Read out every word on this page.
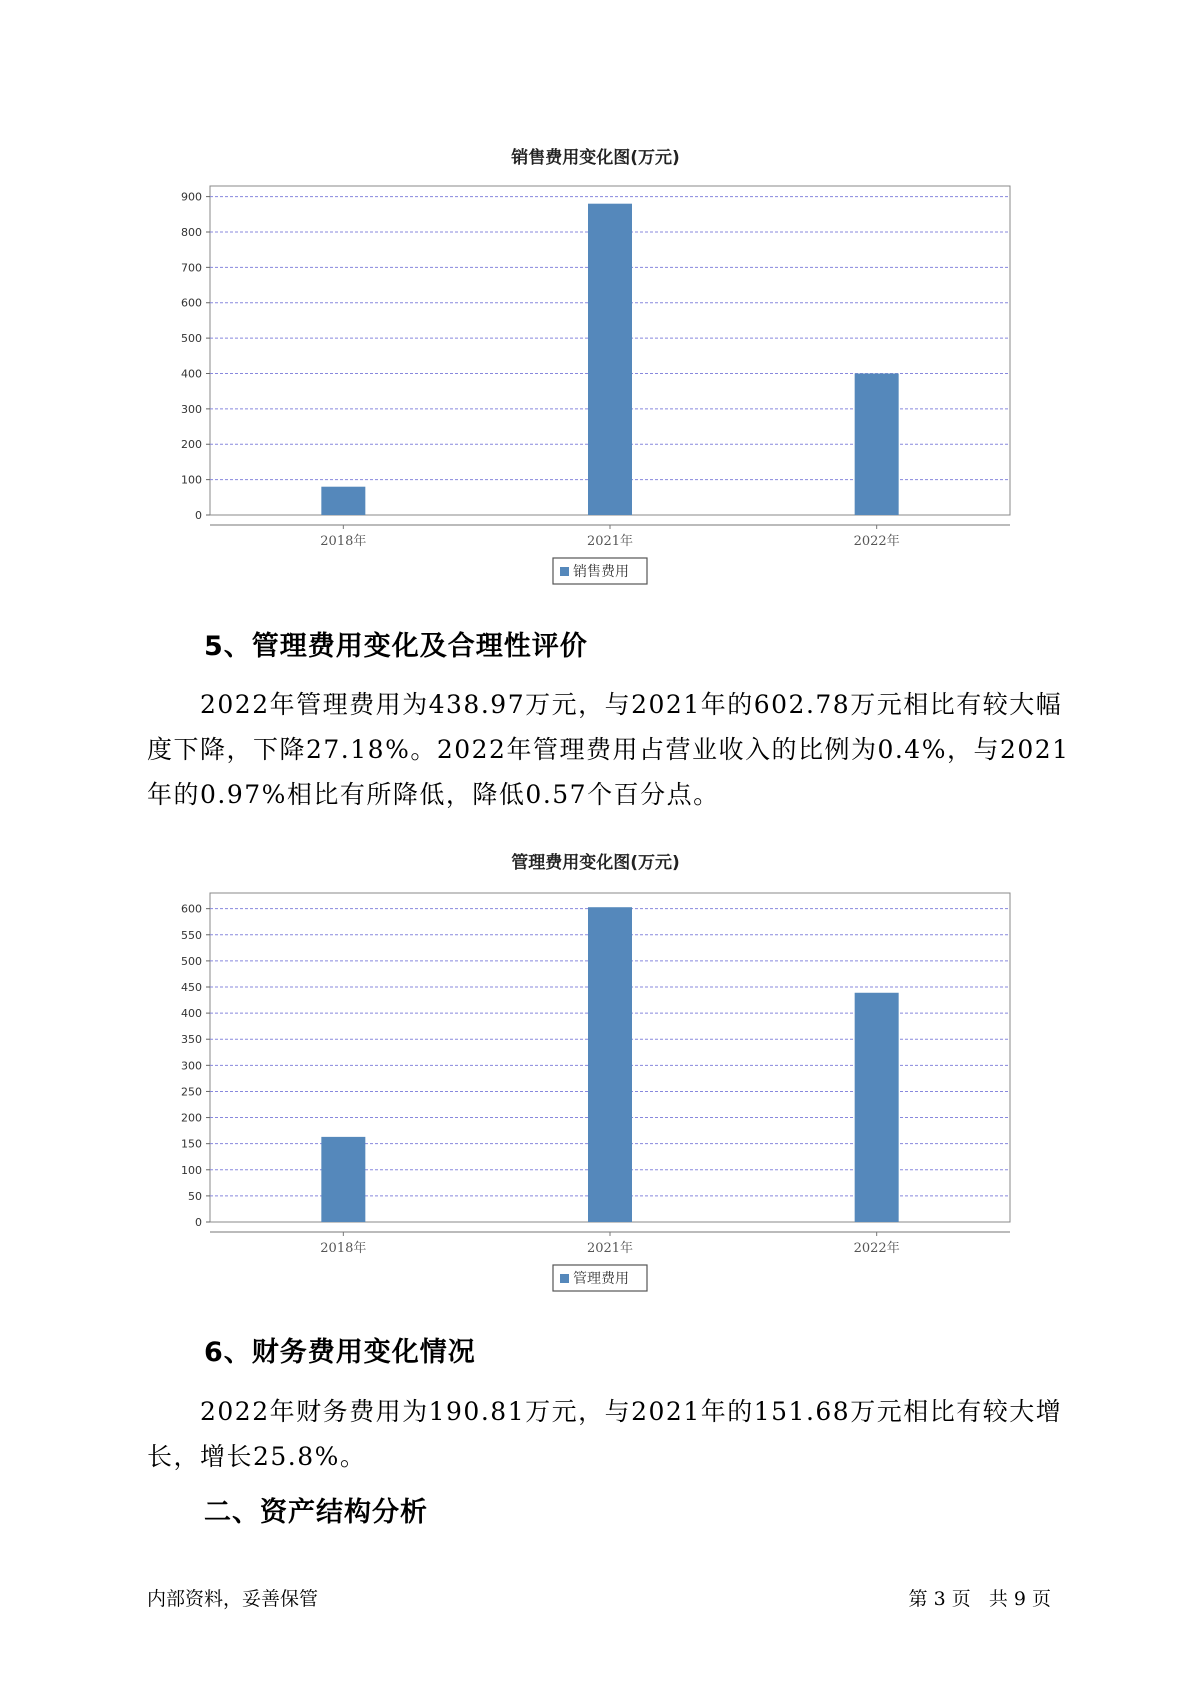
销售费用变化图(万元)
0
100
200
300
400
500
600
700
800
900
2018年	2021年	2022年
销售费用
5、管理费用变化及合理性评价
2022年管理费用为438.97万元，与2021年的602.78万元相比有较大幅
度下降，下降27.18%。2022年管理费用占营业收入的比例为0.4%，与2021
年的0.97%相比有所降低，降低0.57个百分点。
管理费用变化图(万元)
0
50
100
150
200
250
300
350
400
450
500
550
600
2018年	2021年	2022年
管理费用
6、财务费用变化情况
2022年财务费用为190.81万元，与2021年的151.68万元相比有较大增
长，增长25.8%。
二、资产结构分析
内部资料，妥善保管	第 3 页   共 9 页
